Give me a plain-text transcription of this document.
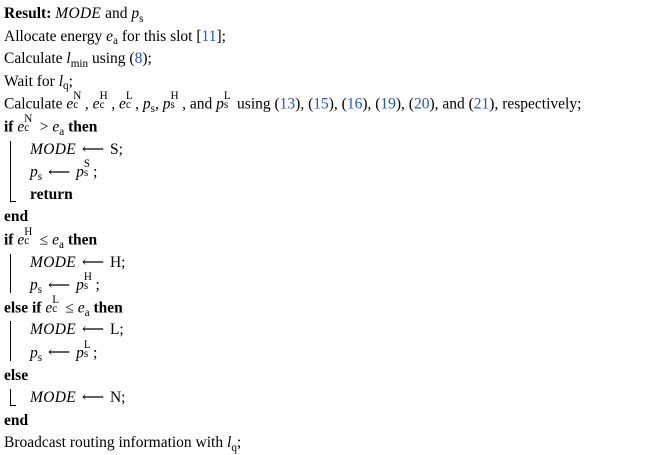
Result: MODE and $p_s$
Allocate energy $e_a$ for this slot [11];
Calculate $l_{min}$ using (8);
Wait for $l_q$;
Calculate e N
c , e H
c , e L
c , $p_s$, p H
s , and p L
s using (13), (15), (16), (19), (20), and (21), respectively;
if e N
$c > e_a$ then
MODE ⟵ S;
$p_s$ ⟵ p S
s ;
return
end
if e H
$c \le e_a$ then
MODE ⟵ H;
$p_s$ ⟵ p H
s ;
else if e L
$c \le e_a$ then
MODE ⟵ L;
$p_s$ ⟵ p L
s ;
else
MODE ⟵ N;
end
Broadcast routing information with $l_q$;
